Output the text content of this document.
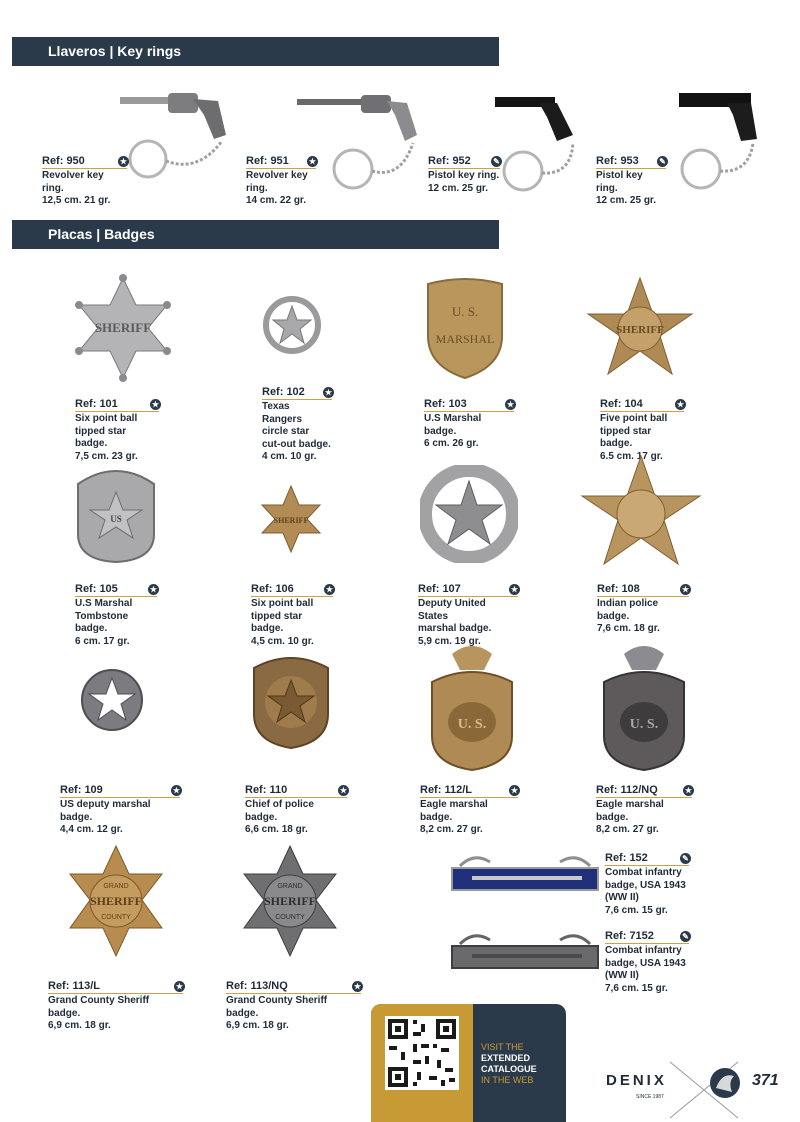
Llaveros | Key rings
Ref: 950	★
Revolver key ring.
12,5 cm. 21 gr.
Ref: 951	★
Revolver key ring.
14 cm. 22 gr.
Ref: 952	✎
Pistol key ring.
12 cm. 25 gr.
Ref: 953	✎
Pistol key ring.
12 cm. 25 gr.
Placas | Badges
SHERIFF
U. S.
MARSHAL
SHERIFF
Ref: 101	★
Six point ball
tipped star badge.
7,5 cm. 23 gr.
Ref: 102	★
Texas Rangers
circle star
cut-out badge.
4 cm. 10 gr.
Ref: 103	★
U.S Marshal badge.
6 cm. 26 gr.
Ref: 104	★
Five point ball
tipped star badge.
6.5 cm. 17 gr.
US	SHERIFF
Ref: 105	★
U.S Marshal
Tombstone badge.
6 cm. 17 gr.
Ref: 106	★
Six point ball
tipped star badge.
4,5 cm. 10 gr.
Ref: 107	★
Deputy United States
marshal badge.
5,9 cm. 19 gr.
Ref: 108	★
Indian police badge.
7,6 cm. 18 gr.
U. S.	U. S.
Ref: 109	★
US deputy marshal badge.
4,4 cm. 12 gr.
Ref: 110	★
Chief of police badge.
6,6 cm. 18 gr.
Ref: 112/L	★
Eagle marshal badge.
8,2 cm. 27 gr.
Ref: 112/NQ	★
Eagle marshal badge.
8,2 cm. 27 gr.
GRAND
SHERIFF
COUNTY
GRAND
SHERIFF
COUNTY
Ref: 113/L	★
Grand County Sheriff badge.
6,9 cm. 18 gr.
Ref: 113/NQ	★
Grand County Sheriff badge.
6,9 cm. 18 gr.
Ref: 152	✎
Combat infantry
badge, USA 1943
(WW II)
7,6 cm. 15 gr.
Ref: 7152	✎
Combat infantry
badge, USA 1943
(WW II)
7,6 cm. 15 gr.
VISIT THE
EXTENDED
CATALOGUE
IN THE WEB	DENIX
SINCE 1987
371
